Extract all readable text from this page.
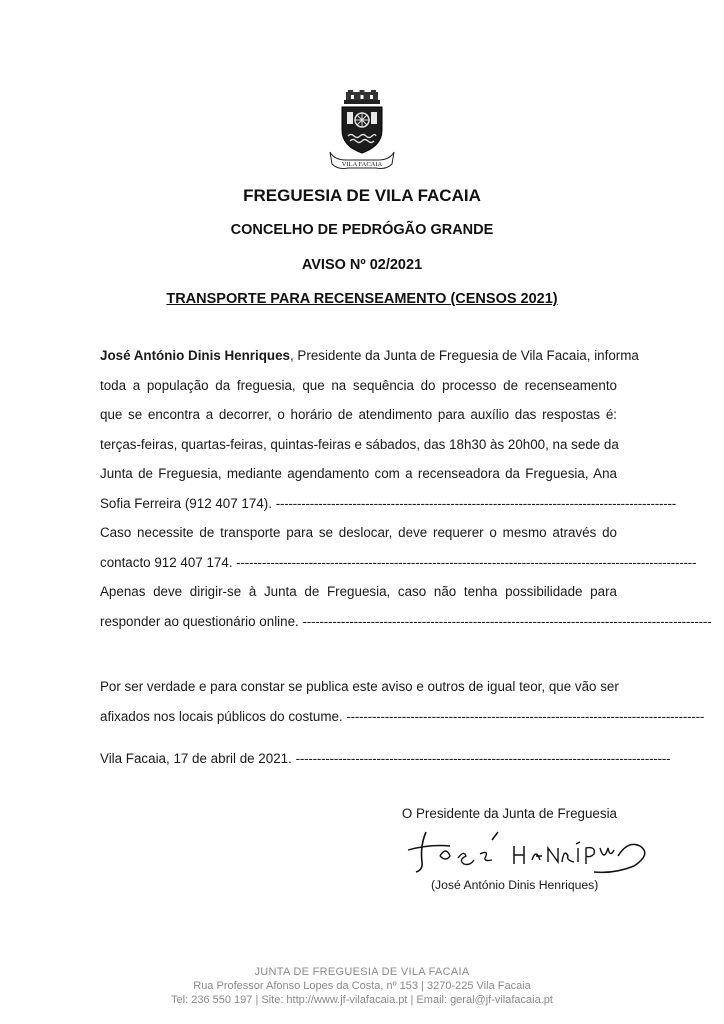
VILA FACAIA
FREGUESIA DE VILA FACAIA
CONCELHO DE PEDRÓGÃO GRANDE
AVISO Nº 02/2021
TRANSPORTE PARA RECENSEAMENTO (CENSOS 2021)
José António Dinis Henriques, Presidente da Junta de Freguesia de Vila Facaia, informa
toda a população da freguesia, que na sequência do processo de recenseamento
que se encontra a decorrer, o horário de atendimento para auxílio das respostas é:
terças-feiras, quartas-feiras, quintas-feiras e sábados, das 18h30 às 20h00, na sede da
Junta de Freguesia, mediante agendamento com a recenseadora da Freguesia, Ana
Sofia Ferreira (912 407 174). ----------------------------------------------------------------------------------------------
Caso necessite de transporte para se deslocar, deve requerer o mesmo através do
contacto 912 407 174. ------------------------------------------------------------------------------------------------------------
Apenas deve dirigir-se à Junta de Freguesia, caso não tenha possibilidade para
responder ao questionário online. ------------------------------------------------------------------------------------------------
Por ser verdade e para constar se publica este aviso e outros de igual teor, que vão ser
afixados nos locais públicos do costume. ------------------------------------------------------------------------------------
Vila Facaia, 17 de abril de 2021. ----------------------------------------------------------------------------------------
O Presidente da Junta de Freguesia
(José António Dinis Henriques)
JUNTA DE FREGUESIA DE VILA FACAIA
Rua Professor Afonso Lopes da Costa, nº 153 | 3270-225 Vila Facaia
Tel: 236 550 197 | Site: http://www.jf-vilafacaia.pt | Email: geral@jf-vilafacaia.pt
